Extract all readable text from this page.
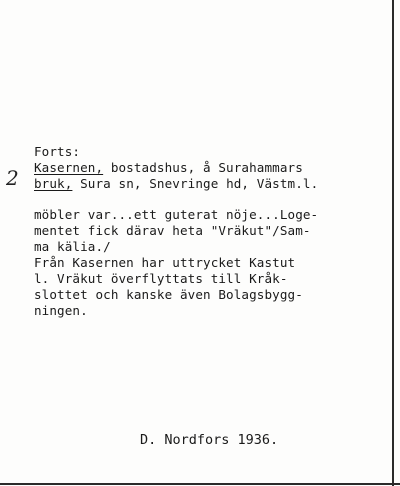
2
Forts:
Kasernen, bostadshus, å Surahammars
bruk, Sura sn, Snevringe hd, Västm.l.
möbler var...ett guterat nöje...Loge-
mentet fick därav heta "Vräkut"/Sam-
ma kälia./
Från Kasernen har uttrycket Kastut
l. Vräkut överflyttats till Kråk-
slottet och kanske även Bolagsbygg-
ningen.
D. Nordfors 1936.
